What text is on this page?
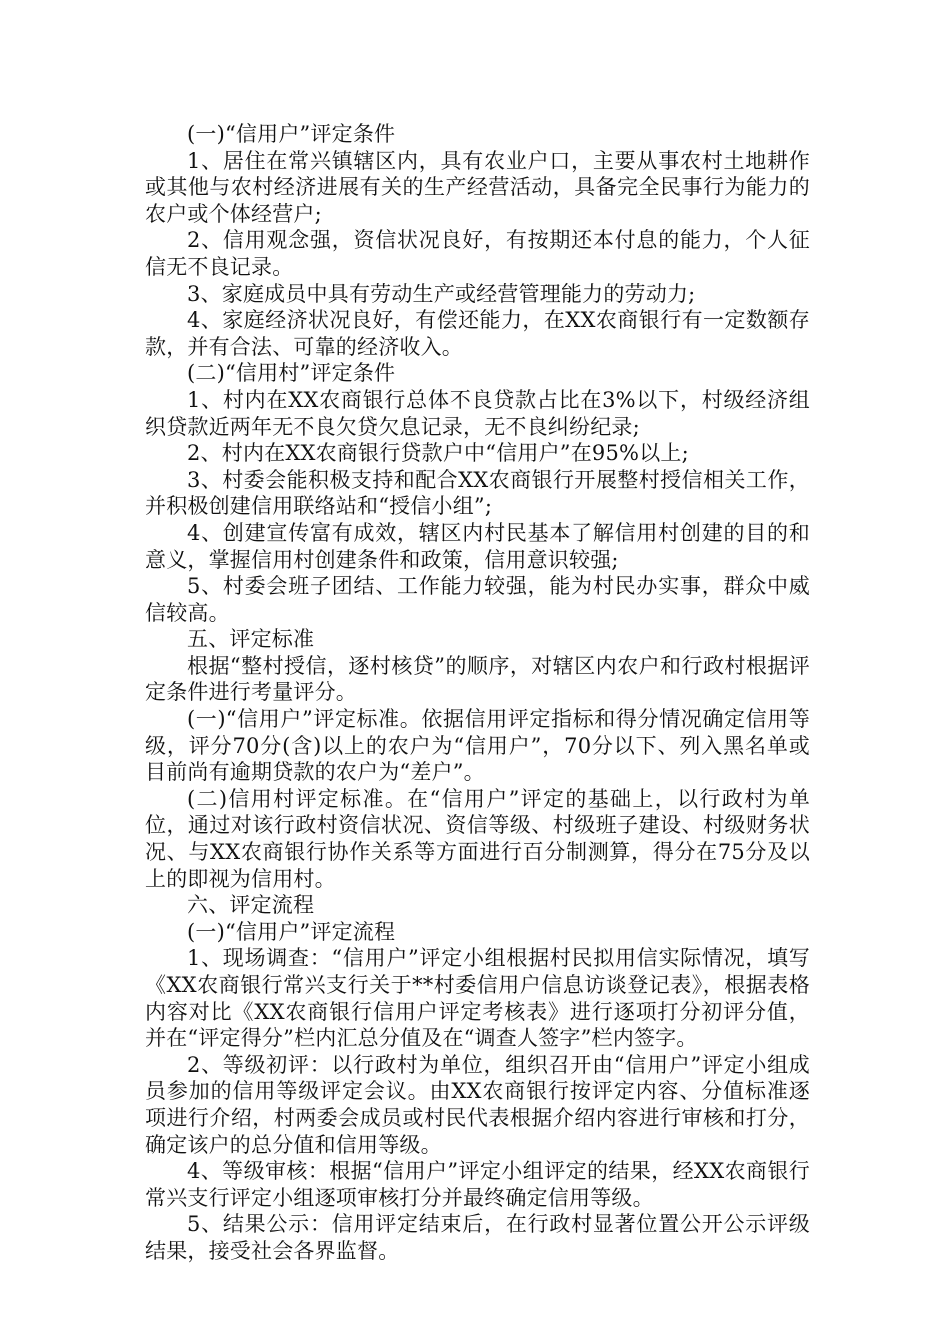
(一)“信用户”评定条件

1、居住在常兴镇辖区内，具有农业户口，主要从事农村土地耕作或其他与农村经济进展有关的生产经营活动，具备完全民事行为能力的农户或个体经营户;

2、信用观念强，资信状况良好，有按期还本付息的能力，个人征信无不良记录。

3、家庭成员中具有劳动生产或经营管理能力的劳动力;

4、家庭经济状况良好，有偿还能力，在XX农商银行有一定数额存款，并有合法、可靠的经济收入。

(二)“信用村”评定条件

1、村内在XX农商银行总体不良贷款占比在3%以下，村级经济组织贷款近两年无不良欠贷欠息记录，无不良纠纷纪录;

2、村内在XX农商银行贷款户中“信用户”在95%以上;

3、村委会能积极支持和配合XX农商银行开展整村授信相关工作，并积极创建信用联络站和“授信小组”;

4、创建宣传富有成效，辖区内村民基本了解信用村创建的目的和意义，掌握信用村创建条件和政策，信用意识较强;

5、村委会班子团结、工作能力较强，能为村民办实事，群众中威信较高。

五、评定标准

根据“整村授信，逐村核贷”的顺序，对辖区内农户和行政村根据评定条件进行考量评分。

(一)“信用户”评定标准。依据信用评定指标和得分情况确定信用等级，评分70分(含)以上的农户为“信用户”，70分以下、列入黑名单或目前尚有逾期贷款的农户为“差户”。

(二)信用村评定标准。在“信用户”评定的基础上，以行政村为单位，通过对该行政村资信状况、资信等级、村级班子建设、村级财务状况、与XX农商银行协作关系等方面进行百分制测算，得分在75分及以上的即视为信用村。

六、评定流程

(一)“信用户”评定流程

1、现场调查：“信用户”评定小组根据村民拟用信实际情况，填写《XX农商银行常兴支行关于**村委信用户信息访谈登记表》，根据表格内容对比《XX农商银行信用户评定考核表》进行逐项打分初评分值，并在“评定得分”栏内汇总分值及在“调查人签字”栏内签字。

2、等级初评：以行政村为单位，组织召开由“信用户”评定小组成员参加的信用等级评定会议。由XX农商银行按评定内容、分值标准逐项进行介绍，村两委会成员或村民代表根据介绍内容进行审核和打分，确定该户的总分值和信用等级。

4、等级审核：根据“信用户”评定小组评定的结果，经XX农商银行常兴支行评定小组逐项审核打分并最终确定信用等级。

5、结果公示：信用评定结束后，在行政村显著位置公开公示评级结果，接受社会各界监督。
